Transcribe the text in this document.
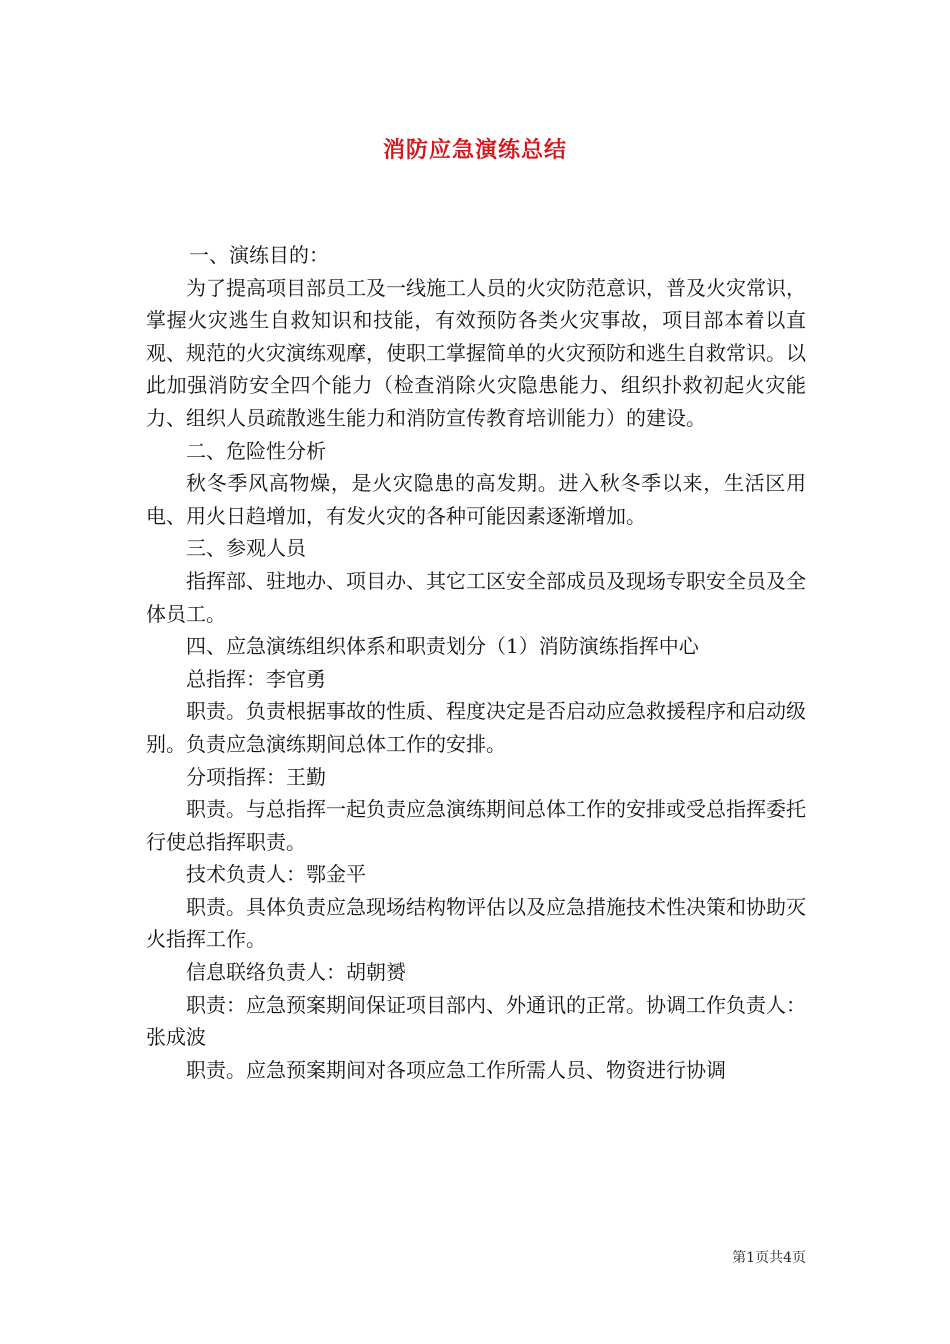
消防应急演练总结

一、演练目的：

为了提高项目部员工及一线施工人员的火灾防范意识，普及火灾常识，掌握火灾逃生自救知识和技能，有效预防各类火灾事故，项目部本着以直观、规范的火灾演练观摩，使职工掌握简单的火灾预防和逃生自救常识。以此加强消防安全四个能力（检查消除火灾隐患能力、组织扑救初起火灾能力、组织人员疏散逃生能力和消防宣传教育培训能力）的建设。

二、危险性分析

秋冬季风高物燥，是火灾隐患的高发期。进入秋冬季以来，生活区用电、用火日趋增加，有发火灾的各种可能因素逐渐增加。

三、参观人员

指挥部、驻地办、项目办、其它工区安全部成员及现场专职安全员及全体员工。

四、应急演练组织体系和职责划分（1）消防演练指挥中心

总指挥：李官勇

职责。负责根据事故的性质、程度决定是否启动应急救援程序和启动级别。负责应急演练期间总体工作的安排。

分项指挥：王勤

职责。与总指挥一起负责应急演练期间总体工作的安排或受总指挥委托行使总指挥职责。

技术负责人：鄂金平

职责。具体负责应急现场结构物评估以及应急措施技术性决策和协助灭火指挥工作。

信息联络负责人：胡朝赟

职责：应急预案期间保证项目部内、外通讯的正常。协调工作负责人：张成波

职责。应急预案期间对各项应急工作所需人员、物资进行协调

第1页共4页
